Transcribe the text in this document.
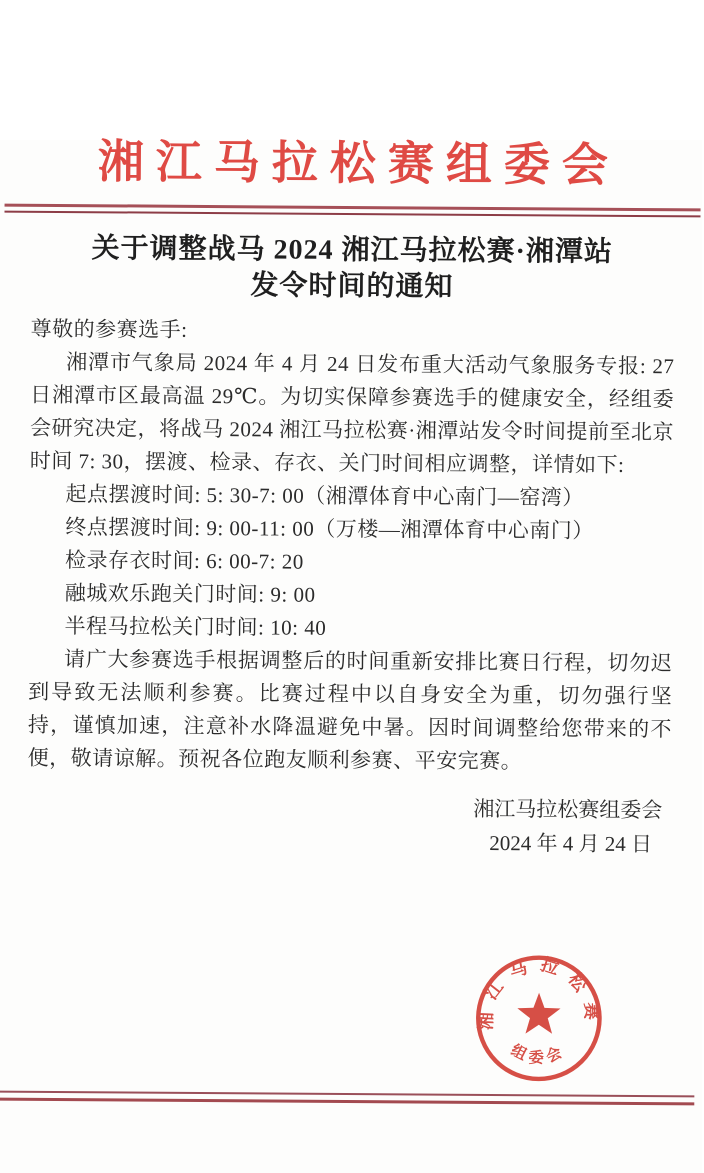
湘江马拉松赛组委会
关于调整战马 2024 湘江马拉松赛·湘潭站
发令时间的通知

尊敬的参赛选手:

湘潭市气象局 2024 年 4 月 24 日发布重大活动气象服务专报: 27 日湘潭市区最高温 29℃。为切实保障参赛选手的健康安全，经组委会研究决定，将战马 2024 湘江马拉松赛·湘潭站发令时间提前至北京时间 7: 30，摆渡、检录、存衣、关门时间相应调整，详情如下:

起点摆渡时间: 5: 30-7: 00（湘潭体育中心南门—窑湾）
终点摆渡时间: 9: 00-11: 00（万楼—湘潭体育中心南门）
检录存衣时间: 6: 00-7: 20
融城欢乐跑关门时间: 9: 00
半程马拉松关门时间: 10: 40

请广大参赛选手根据调整后的时间重新安排比赛日行程，切勿迟到导致无法顺利参赛。比赛过程中以自身安全为重，切勿强行坚持，谨慎加速，注意补水降温避免中暑。因时间调整给您带来的不便，敬请谅解。预祝各位跑友顺利参赛、平安完赛。

湘江马拉松赛组委会
2024 年 4 月 24 日
湘江马拉松赛
组委会
